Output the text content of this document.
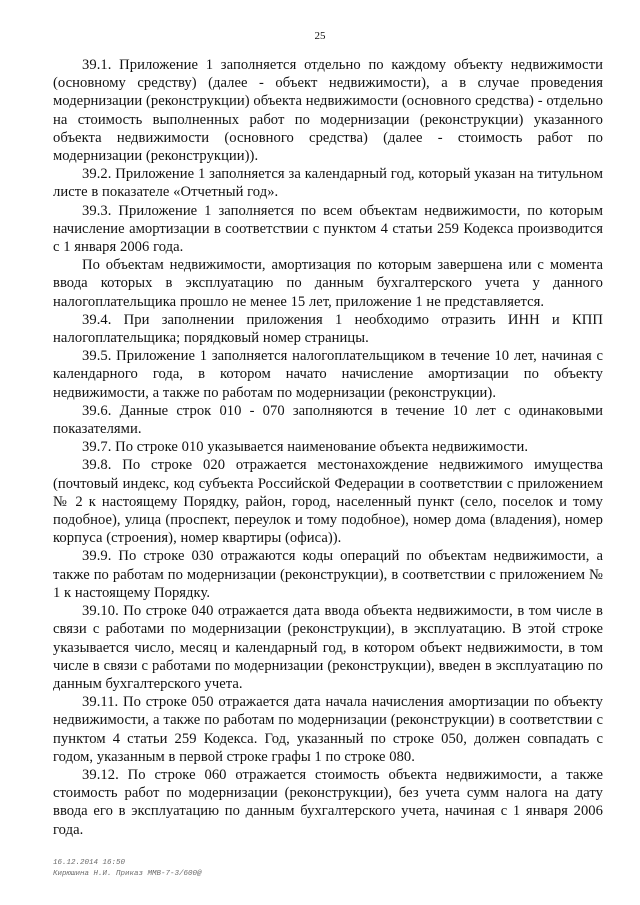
25

39.1. Приложение 1 заполняется отдельно по каждому объекту недвижимости (основному средству) (далее - объект недвижимости), а в случае проведения модернизации (реконструкции) объекта недвижимости (основного средства) - отдельно на стоимость выполненных работ по модернизации (реконструкции) указанного объекта недвижимости (основного средства) (далее - стоимость работ по модернизации (реконструкции)).

39.2. Приложение 1 заполняется за календарный год, который указан на титульном листе в показателе «Отчетный год».

39.3. Приложение 1 заполняется по всем объектам недвижимости, по которым начисление амортизации в соответствии с пунктом 4 статьи 259 Кодекса производится с 1 января 2006 года.

По объектам недвижимости, амортизация по которым завершена или с момента ввода которых в эксплуатацию по данным бухгалтерского учета у данного налогоплательщика прошло не менее 15 лет, приложение 1 не представляется.

39.4. При заполнении приложения 1 необходимо отразить ИНН и КПП налогоплательщика; порядковый номер страницы.

39.5. Приложение 1 заполняется налогоплательщиком в течение 10 лет, начиная с календарного года, в котором начато начисление амортизации по объекту недвижимости, а также по работам по модернизации (реконструкции).

39.6. Данные строк 010 - 070 заполняются в течение 10 лет с одинаковыми показателями.

39.7. По строке 010 указывается наименование объекта недвижимости.

39.8. По строке 020 отражается местонахождение недвижимого имущества (почтовый индекс, код субъекта Российской Федерации в соответствии с приложением № 2 к настоящему Порядку, район, город, населенный пункт (село, поселок и тому подобное), улица (проспект, переулок и тому подобное), номер дома (владения), номер корпуса (строения), номер квартиры (офиса)).

39.9. По строке 030 отражаются коды операций по объектам недвижимости, а также по работам по модернизации (реконструкции), в соответствии с приложением № 1 к настоящему Порядку.

39.10. По строке 040 отражается дата ввода объекта недвижимости, в том числе в связи с работами по модернизации (реконструкции), в эксплуатацию. В этой строке указывается число, месяц и календарный год, в котором объект недвижимости, в том числе в связи с работами по модернизации (реконструкции), введен в эксплуатацию по данным бухгалтерского учета.

39.11. По строке 050 отражается дата начала начисления амортизации по объекту недвижимости, а также по работам по модернизации (реконструкции) в соответствии с пунктом 4 статьи 259 Кодекса. Год, указанный по строке 050, должен совпадать с годом, указанным в первой строке графы 1 по строке 080.

39.12. По строке 060 отражается стоимость объекта недвижимости, а также стоимость работ по модернизации (реконструкции), без учета сумм налога на дату ввода его в эксплуатацию по данным бухгалтерского учета, начиная с 1 января 2006 года.

16.12.2014 16:50
Кирюшина Н.И. Приказ ММВ-7-3/600@
